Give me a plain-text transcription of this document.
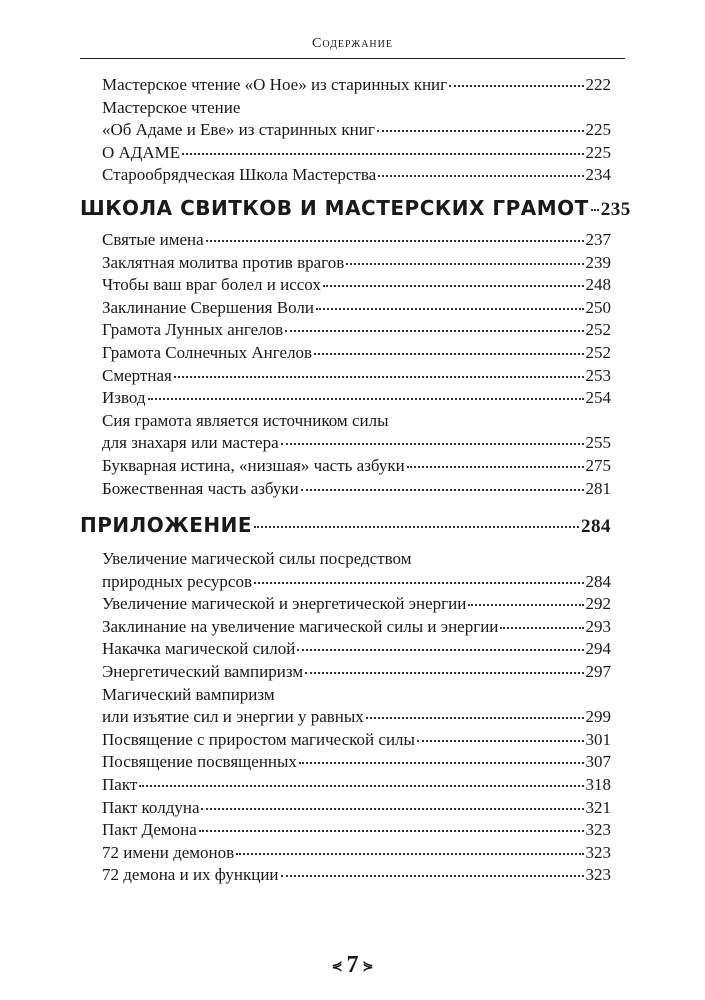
Содержание
Мастерское чтение «О Ное» из старинных книг	222
Мастерское чтение
«Об Адаме и Еве» из старинных книг	225
О АДАМЕ	225
Старообрядческая Школа Мастерства	234
ШКОЛА СВИТКОВ И МАСТЕРСКИХ ГРАМОТ 235
Святые имена	237
Заклятная молитва против врагов	239
Чтобы ваш враг болел и иссох	248
Заклинание Свершения Воли	250
Грамота Лунных ангелов	252
Грамота Солнечных Ангелов	252
Смертная	253
Извод	254
Сия грамота является источником силы
для знахаря или мастера	255
Букварная истина, «низшая» часть азбуки	275
Божественная часть азбуки	281
ПРИЛОЖЕНИЕ	284
Увеличение магической силы посредством
природных ресурсов	284
Увеличение магической и энергетической энергии	292
Заклинание на увеличение магической силы и энергии	293
Накачка магической силой	294
Энергетический вампиризм	297
Магический вампиризм
или изъятие сил и энергии у равных	299
Посвящение с приростом магической силы	301
Посвящение посвященных	307
Пакт	318
Пакт колдуна	321
Пакт Демона	323
72 имени демонов	323
72 демона и их функции	323
⋞ 7 ⋟
